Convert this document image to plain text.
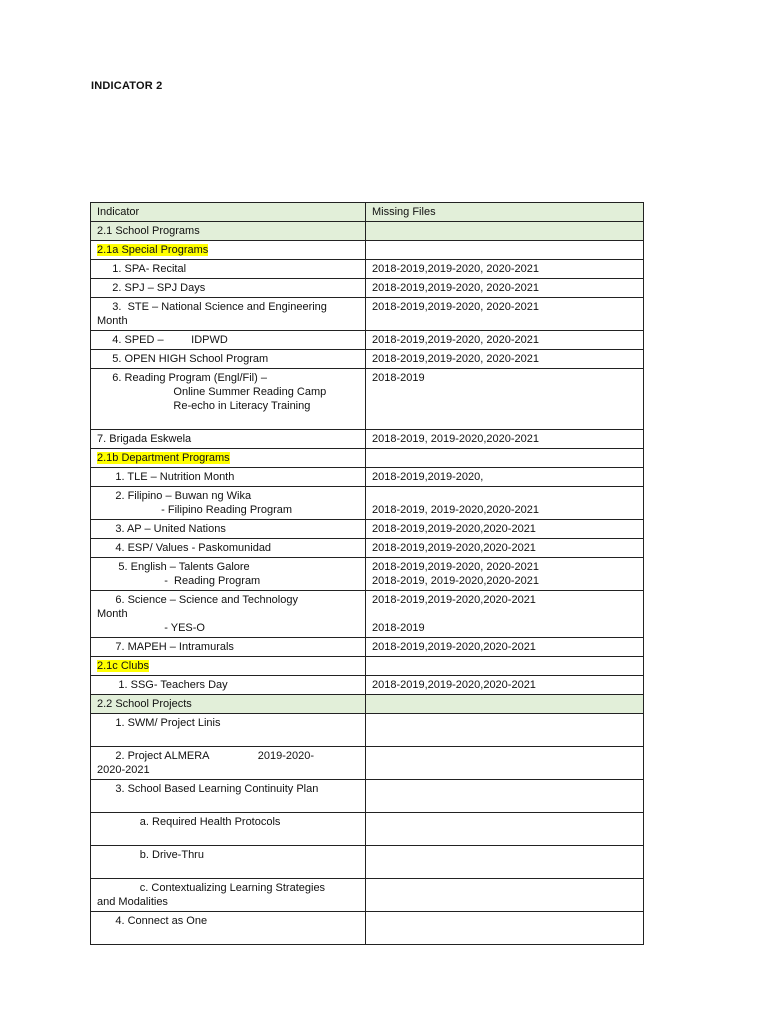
INDICATOR 2
Indicator	Missing Files

2.1 School Programs	

2.1a Special Programs	

1. SPA- Recital	2018-2019,2019-2020, 2020-2021

2. SPJ – SPJ Days	2018-2019,2019-2020, 2020-2021

3.  STE – National Science and Engineering
Month	2018-2019,2019-2020, 2020-2021

4. SPED –         IDPWD	2018-2019,2019-2020, 2020-2021

5. OPEN HIGH School Program	2018-2019,2019-2020, 2020-2021

6. Reading Program (Engl/Fil) –
Online Summer Reading Camp
Re-echo in Literacy Training	2018-2019

7. Brigada Eskwela	2018-2019, 2019-2020,2020-2021

2.1b Department Programs	

1. TLE – Nutrition Month	2018-2019,2019-2020,

2. Filipino – Buwan ng Wika
- Filipino Reading Program	2018-2019, 2019-2020,2020-2021

3. AP – United Nations	2018-2019,2019-2020,2020-2021

4. ESP/ Values - Paskomunidad	2018-2019,2019-2020,2020-2021

5. English – Talents Galore
-  Reading Program	2018-2019,2019-2020, 2020-2021
2018-2019, 2019-2020,2020-2021

6. Science – Science and Technology
Month
- YES-O	2018-2019,2019-2020,2020-2021

2018-2019

7. MAPEH – Intramurals	2018-2019,2019-2020,2020-2021

2.1c Clubs	

1. SSG- Teachers Day	2018-2019,2019-2020,2020-2021

2.2 School Projects	

1. SWM/ Project Linis	

2. Project ALMERA                2019-2020-
2020-2021	

3. School Based Learning Continuity Plan	

a. Required Health Protocols	

b. Drive-Thru	

c. Contextualizing Learning Strategies
and Modalities	

4. Connect as One	
